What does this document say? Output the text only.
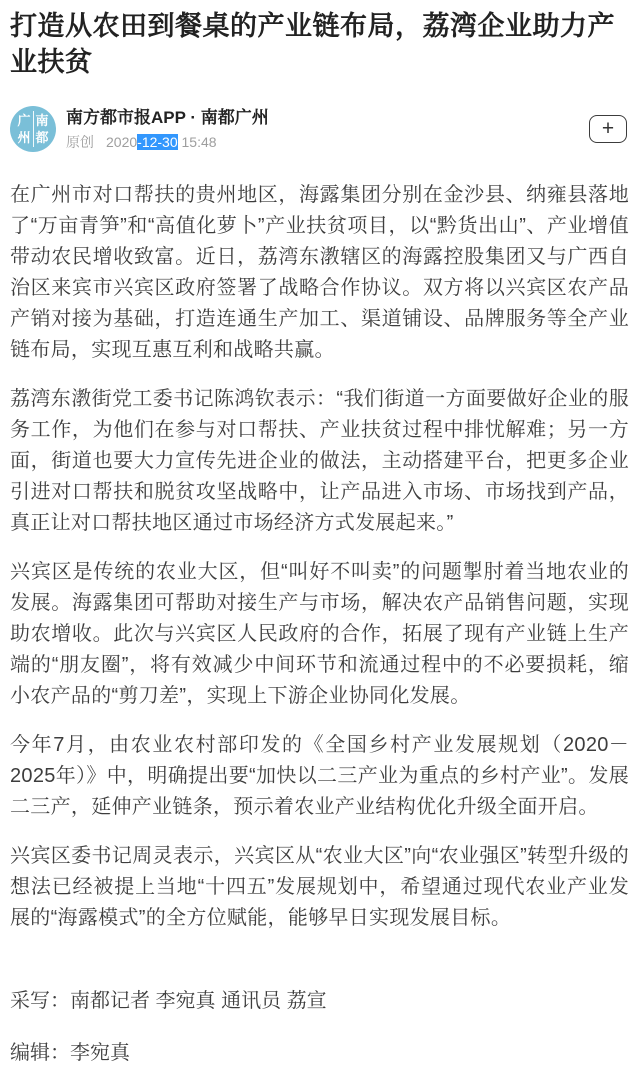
打造从农田到餐桌的产业链布局，荔湾企业助力产业扶贫
广 南
州 都
南方都市报APP · 南都广州
原创 2020-12-30 15:48
+

在广州市对口帮扶的贵州地区，海露集团分别在金沙县、纳雍县落地了“万亩青笋”和“高值化萝卜”产业扶贫项目，以“黔货出山”、产业增值带动农民增收致富。近日，荔湾东漖辖区的海露控股集团又与广西自治区来宾市兴宾区政府签署了战略合作协议。双方将以兴宾区农产品产销对接为基础，打造连通生产加工、渠道铺设、品牌服务等全产业链布局，实现互惠互利和战略共赢。

荔湾东漖街党工委书记陈鸿钦表示：“我们街道一方面要做好企业的服务工作，为他们在参与对口帮扶、产业扶贫过程中排忧解难；另一方面，街道也要大力宣传先进企业的做法，主动搭建平台，把更多企业引进对口帮扶和脱贫攻坚战略中，让产品进入市场、市场找到产品，真正让对口帮扶地区通过市场经济方式发展起来。”

兴宾区是传统的农业大区，但“叫好不叫卖”的问题掣肘着当地农业的发展。海露集团可帮助对接生产与市场，解决农产品销售问题，实现助农增收。此次与兴宾区人民政府的合作，拓展了现有产业链上生产端的“朋友圈”，将有效减少中间环节和流通过程中的不必要损耗，缩小农产品的“剪刀差”，实现上下游企业协同化发展。

今年7月，由农业农村部印发的《全国乡村产业发展规划（2020－2025年）》中，明确提出要“加快以二三产业为重点的乡村产业”。发展二三产，延伸产业链条，预示着农业产业结构优化升级全面开启。

兴宾区委书记周灵表示，兴宾区从“农业大区”向“农业强区”转型升级的想法已经被提上当地“十四五”发展规划中，希望通过现代农业产业发展的“海露模式”的全方位赋能，能够早日实现发展目标。

采写：南都记者 李宛真 通讯员 荔宣

编辑：李宛真
